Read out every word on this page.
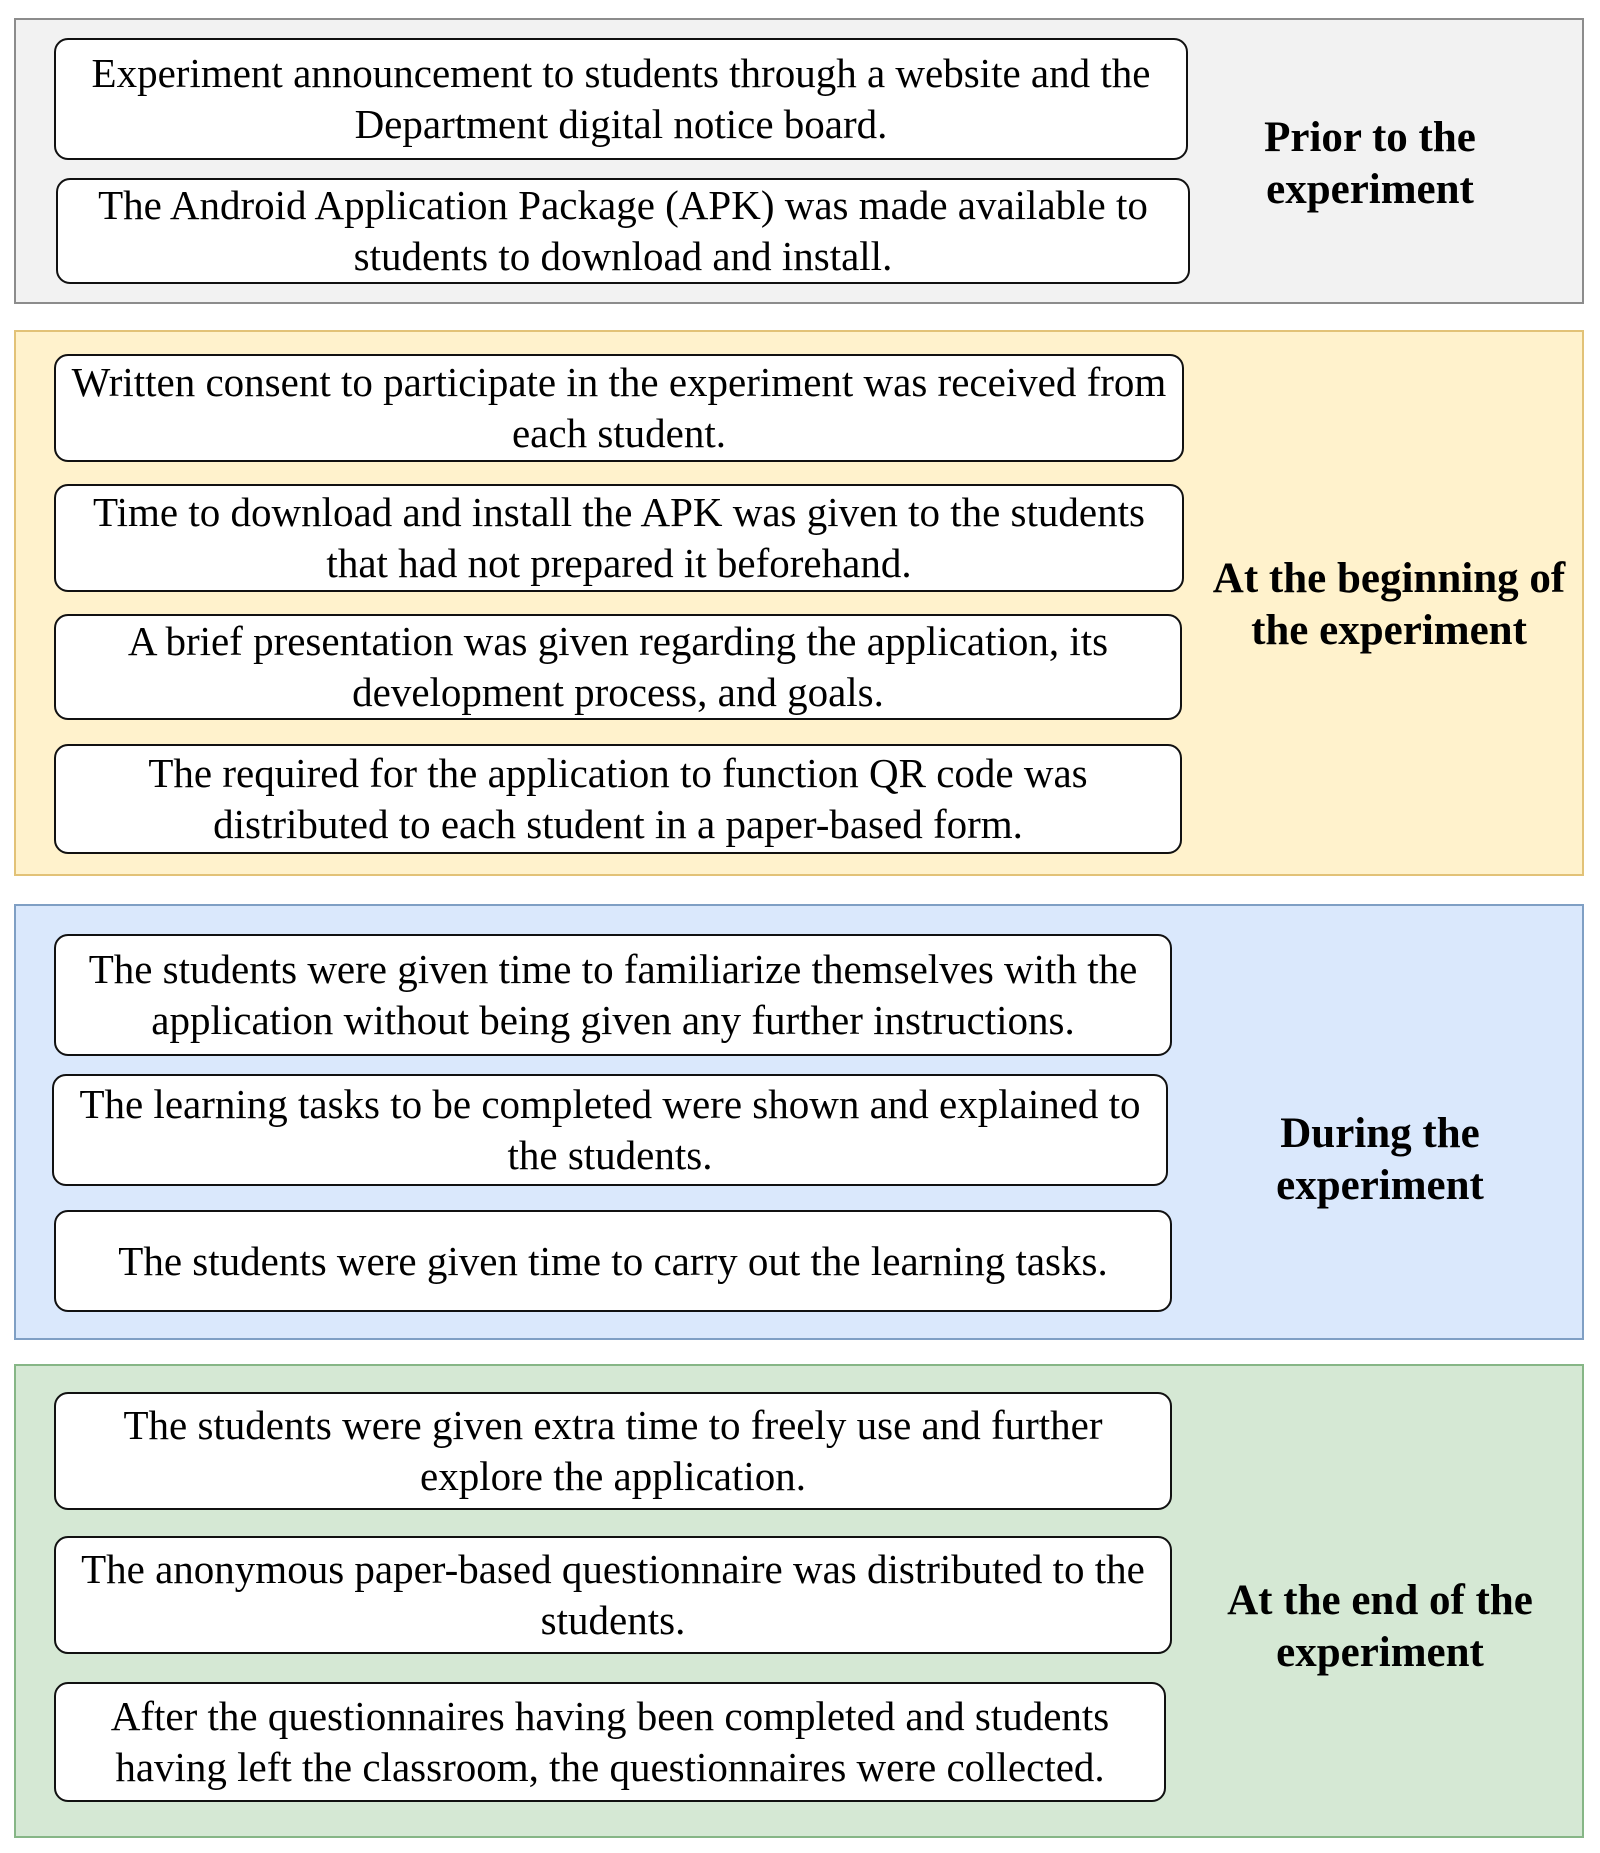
Experiment announcement to students through a website and the Department digital notice board.
The Android Application Package (APK) was made available to students to download and install.
Prior to the experiment
Written consent to participate in the experiment was received from each student.
Time to download and install the APK was given to the students that had not prepared it beforehand.
A brief presentation was given regarding the application, its development process, and goals.
The required for the application to function QR code was distributed to each student in a paper-based form.
At the beginning of the experiment
The students were given time to familiarize themselves with the application without being given any further instructions.
The learning tasks to be completed were shown and explained to the students.
The students were given time to carry out the learning tasks.
During the experiment
The students were given extra time to freely use and further explore the application.
The anonymous paper-based questionnaire was distributed to the students.
After the questionnaires having been completed and students having left the classroom, the questionnaires were collected.
At the end of the experiment
